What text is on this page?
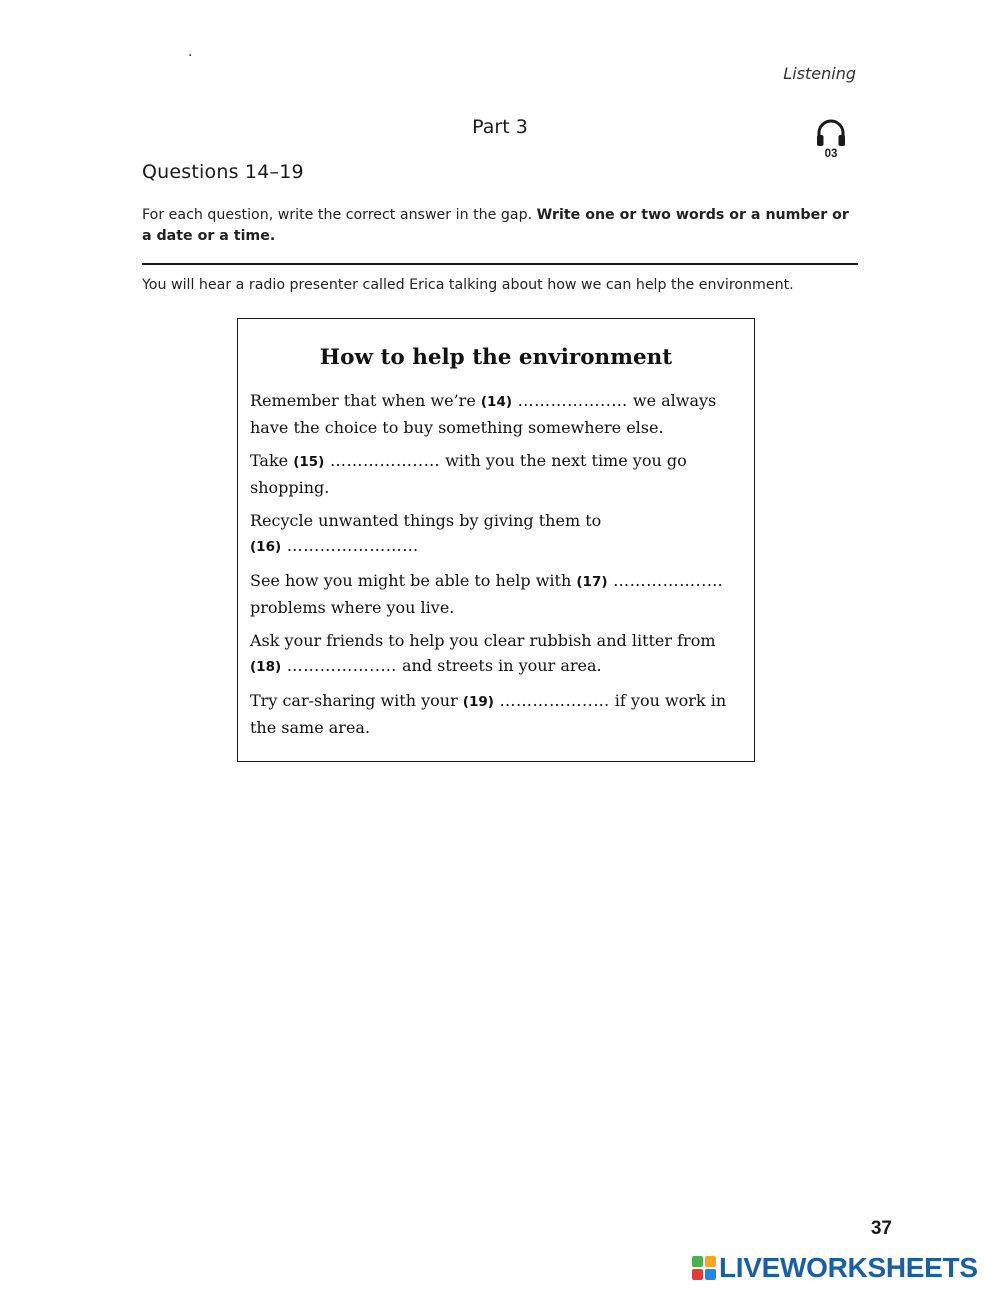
.
Listening
Part 3
03
Questions 14–19
For each question, write the correct answer in the gap. Write one or two words or a number or a date or a time.
You will hear a radio presenter called Erica talking about how we can help the environment.
How to help the environment
Remember that when we’re (14) ……………..… we always have the choice to buy something somewhere else.
Take (15) ……………..… with you the next time you go shopping.
Recycle unwanted things by giving them to
(16) ……………………
See how you might be able to help with (17) ……………..… problems where you live.
Ask your friends to help you clear rubbish and litter from
(18) ……………..… and streets in your area.
Try car-sharing with your (19) ……………..… if you work in the same area.
37
LIVEWORKSHEETS
